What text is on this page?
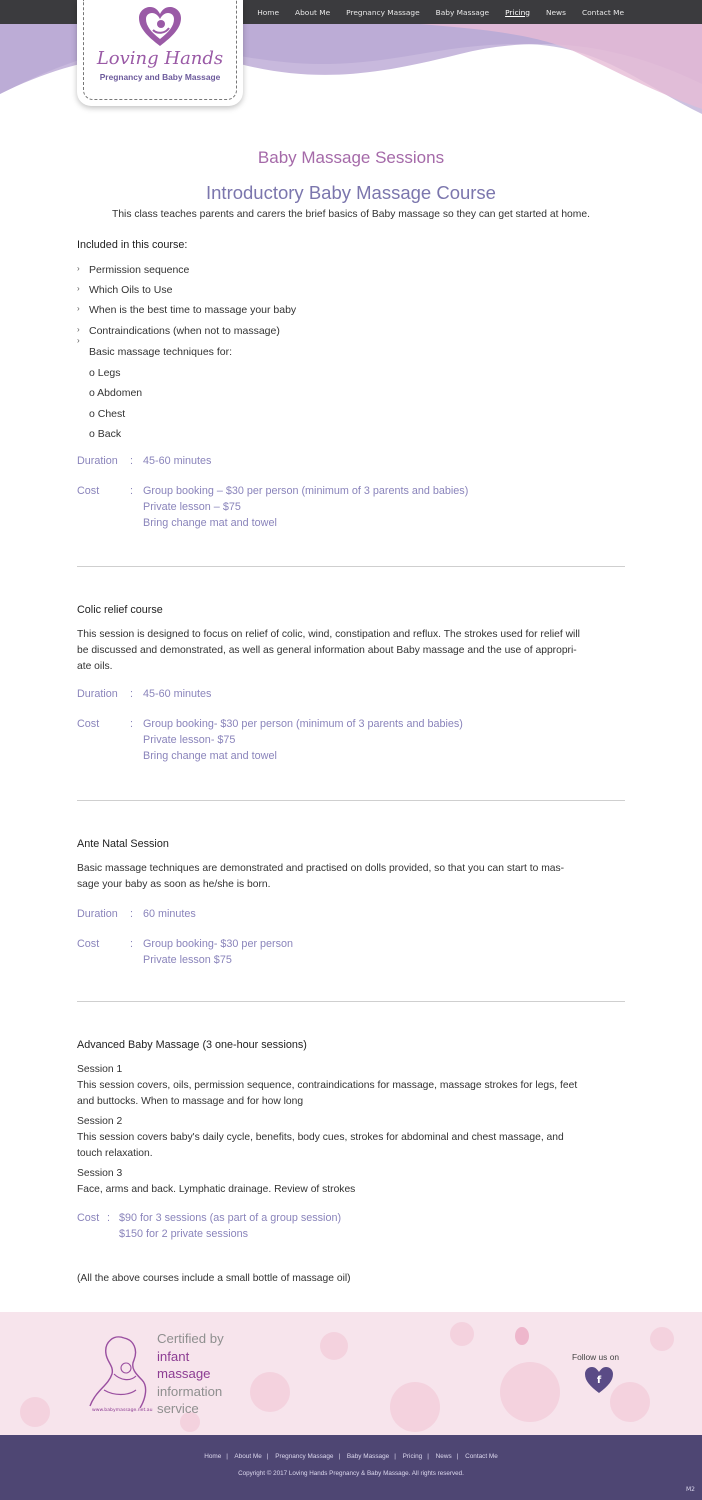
Home About Me Pregnancy Massage Baby Massage Pricing News Contact Me
Loving Hands
Pregnancy and Baby Massage
Baby Massage Sessions
Introductory Baby Massage Course
This class teaches parents and carers the brief basics of Baby massage so they can get started at home.
Included in this course:
› Permission sequence
› Which Oils to Use
› When is the best time to massage your baby
› Contraindications (when not to massage)
›
Basic massage techniques for:
o Legs
o Abdomen
o Chest
o Back
Duration : 45-60 minutes
Cost	: Group booking – $30 per person (minimum of 3 parents and babies)
Private lesson – $75
Bring change mat and towel
Colic relief course
This session is designed to focus on relief of colic, wind, constipation and reflux. The strokes used for relief will
be discussed and demonstrated, as well as general information about Baby massage and the use of appropri-
ate oils.
Duration : 45-60 minutes
Cost	: Group booking- $30 per person (minimum of 3 parents and babies)
Private lesson- $75
Bring change mat and towel
Ante Natal Session
Basic massage techniques are demonstrated and practised on dolls provided, so that you can start to mas-
sage your baby as soon as he/she is born.
Duration : 60 minutes
Cost	: Group booking- $30 per person
Private lesson $75
Advanced Baby Massage (3 one-hour sessions)
Session 1
This session covers, oils, permission sequence, contraindications for massage, massage strokes for legs, feet
and buttocks. When to massage and for how long
Session 2
This session covers baby's daily cycle, benefits, body cues, strokes for abdominal and chest massage, and
touch relaxation.
Session 3
Face, arms and back. Lymphatic drainage. Review of strokes
Cost : $90 for 3 sessions (as part of a group session)
$150 for 2 private sessions
(All the above courses include a small bottle of massage oil)
www.babymassage.net.au
Certified by
infant
massage
information
service
Follow us on
f
Home | About Me | Pregnancy Massage | Baby Massage | Pricing | News | Contact Me
Copyright © 2017 Loving Hands Pregnancy & Baby Massage. All rights reserved.
M2
